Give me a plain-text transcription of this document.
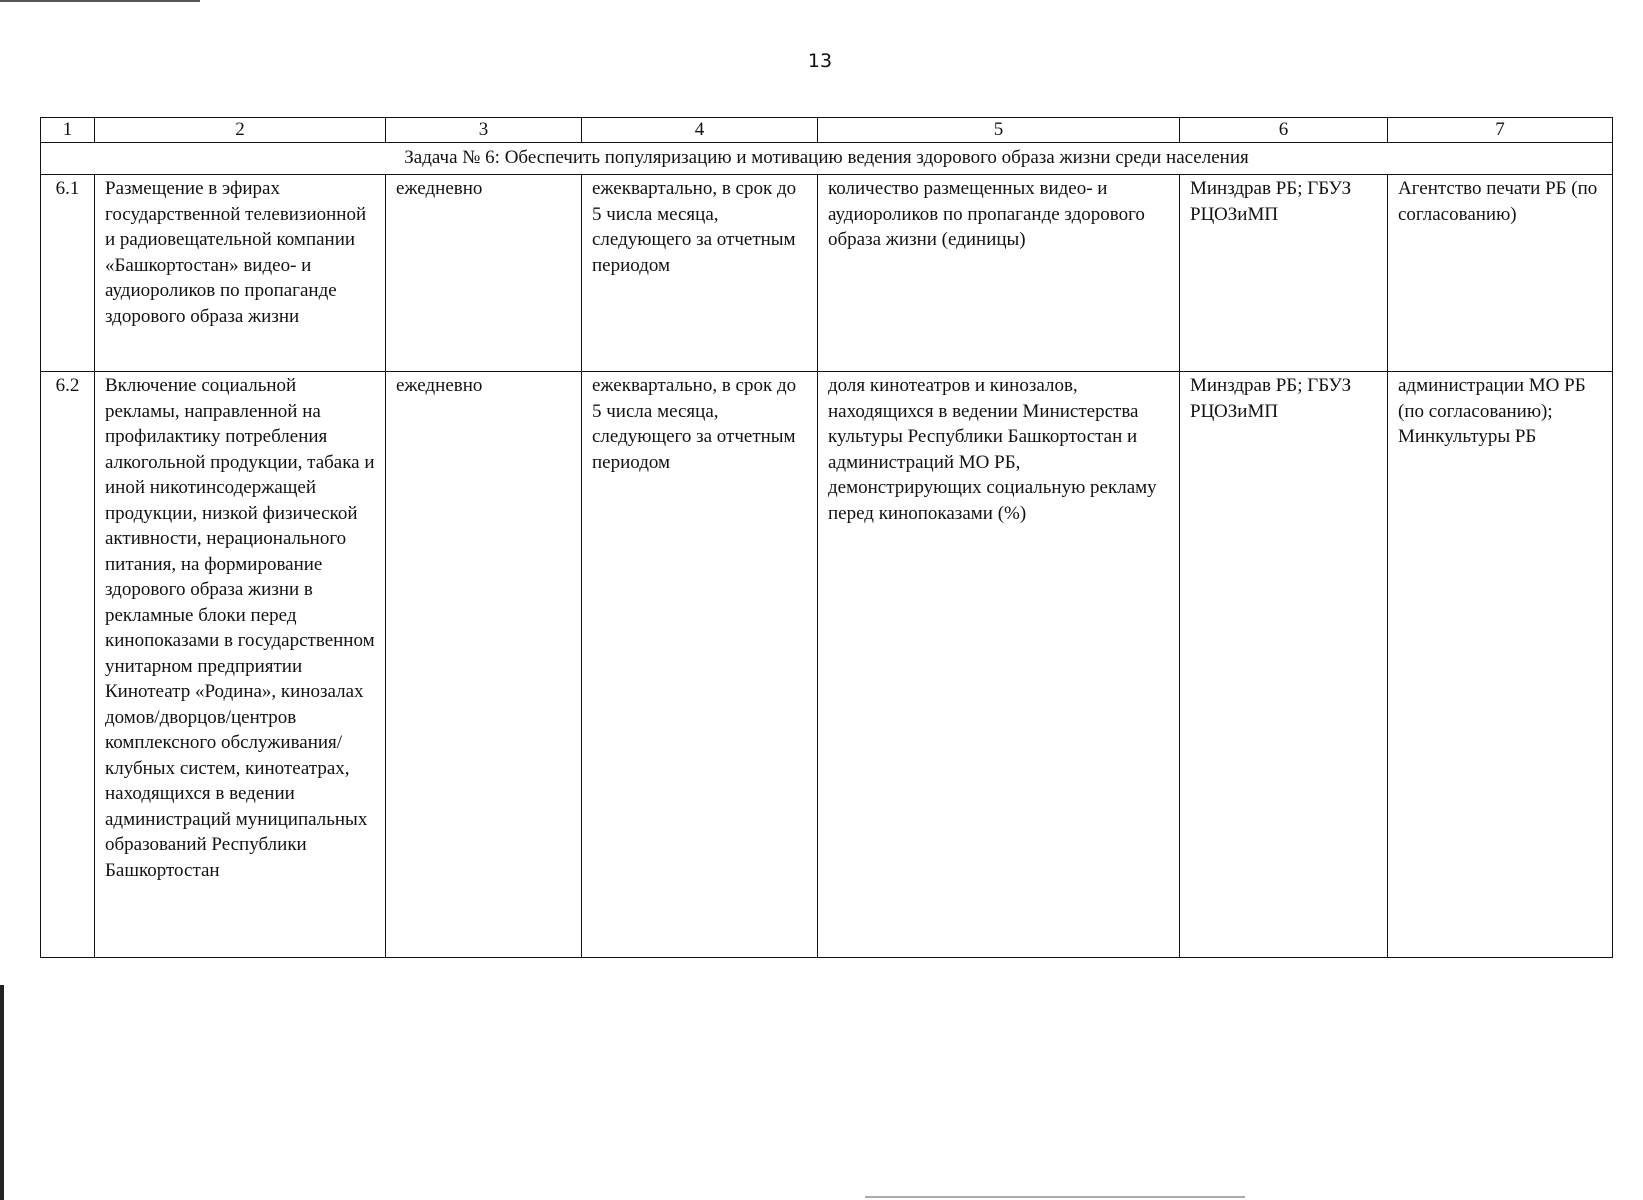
13
1	2	3	4	5	6	7
Задача № 6: Обеспечить популяризацию и мотивацию ведения здорового образа жизни среди населения						
6.1	Размещение в эфирах государственной телевизионной и радиовещательной компании «Башкортостан» видео- и аудиороликов по пропаганде здорового образа жизни	ежедневно	ежеквартально, в срок до 5 числа месяца, следующего за отчетным периодом	количество размещенных видео- и аудиороликов по пропаганде здорового образа жизни (единицы)	Минздрав РБ; ГБУЗ РЦОЗиМП	Агентство печати РБ (по согласованию)
6.2	Включение социальной рекламы, направленной на профилактику потребления алкогольной продукции, табака и иной никотинсодержащей продукции, низкой физической активности, нерационального питания, на формирование здорового образа жизни в рекламные блоки перед кинопоказами в государственном унитарном предприятии Кинотеатр «Родина», кинозалах домов/дворцов/центров комплексного обслуживания/клубных систем, кинотеатрах, находящихся в ведении администраций муниципальных образований Республики Башкортостан	ежедневно	ежеквартально, в срок до 5 числа месяца, следующего за отчетным периодом	доля кинотеатров и кинозалов, находящихся в ведении Министерства культуры Республики Башкортостан и администраций МО РБ, демонстрирующих социальную рекламу перед кинопоказами (%)	Минздрав РБ; ГБУЗ РЦОЗиМП	администрации МО РБ (по согласованию); Минкультуры РБ
